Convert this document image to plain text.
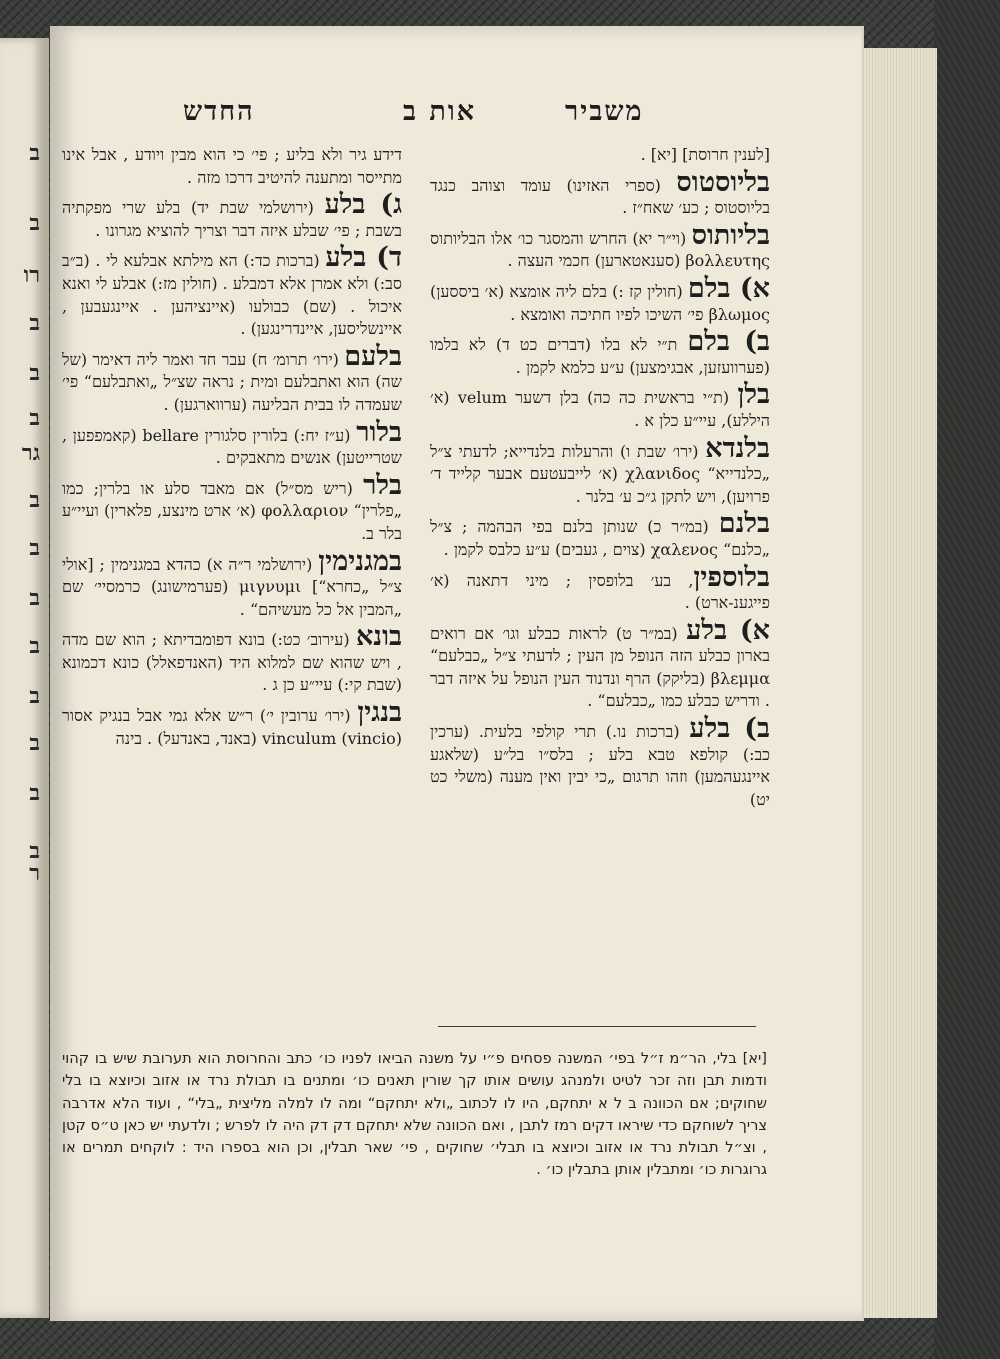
ב
ב
רו
ב
ב
ב
גר
ב
ב
ב
ב
ב
ב
ב
ב
ר
משביר
אות ב
החדש

[לענין חרוסת] [יא] .

בליוסטוס (ספרי האזינו) עומד וצוהב כנגד בליוסטוס ; כע׳ שאח״ז .

בליותוס (וי״ר יא) החרש והמסגר כו׳ אלו הבליותוס βολλευτης (סענאטארען) חכמי העצה .

א) בלם (חולין קז :) בלם ליה אומצא (א׳ ביססען) βλωμος פי׳ השיכו לפיו חתיכה ואומצא .

ב) בלם ת״י לא בלו (דברים כט ד) לא בלמו (פערוועזען, אבגימצען) ע״ע כלמא לקמן .

בלן (ת״י בראשית כה כה) בלן דשער velum (א׳ היללע), עיי״ע כלן א .

בלנדא (ירו׳ שבת ו) והרעלות בלנדייא; לדעתי צ״ל „כלנדייא“ χλανιδος (א׳ לייבעטעם אבער קלייד ד׳ פרויען), ויש לתקן ג״כ ע׳ בלנר .

בלנם (במ״ר כ) שנותן בלנם בפי הבהמה ; צ״ל „כלנם“ χαλενος (צוים , געבים) ע״ע כלבס לקמן .

בלוספין, בע׳ בלופסין ; מיני דתאנה (א׳ פייגענ-ארט) .

א) בלע (במ״ר ט) לראות כבלע וגו׳ אם רואים בארון כבלע הזה הנופל מן העין ; לדעתי צ״ל „כבלעם“ βλεμμα (בליקק) הרף ונדנוד העין הנופל על איזה דבר . ודריש כבלע כמו „כבלעם“ .

ב) בלע (ברכות נו.) תרי קולפי בלעית. (ערכין כב:) קולפא טבא בלע ; בלס״ו בל״ע (שלאגע איינגעהמען) וזהו תרגום „כי יבין ואין מענה (משלי כט יט)

דידע גיר ולא בליע ; פי׳ כי הוא מבין ויודע , אבל אינו מתייסר ומתענה להיטיב דרכו מזה .

ג) בלע (ירושלמי שבת יד) בלע שרי מפקתיה בשבת ; פי׳ שבלע איזה דבר וצריך להוציא מגרונו .

ד) בלע (ברכות כד:) הא מילתא אבלעא לי . (ב״ב סב:) ולא אמרן אלא דמבלע . (חולין מז:) אבלע לי ואנא איכול . (שם) כבולעו (איינציהען . איינגעבען , איינשליסען, איינדרינגען) .

בלעם (ירו׳ תרומ׳ ח) עבר חד ואמר ליה דאימר (של שה) הוא ואתבלעם ומית ; נראה שצ״ל „ואתבלעם“ פי׳ שעמדה לו בבית הבליעה (ערווארגען) .

בלור (ע״ז יח:) בלורין סלגורין bellare (קאמפפען , שטרייטען) אנשים מתאבקים .

בלר (ריש מס״ל) אם מאבד סלע או בלרין; כמו „פלרין“ φολλαριον (א׳ ארט מינצע, פלארין) ועיי״ע בלר ב.

במגנימין (ירושלמי ר״ה א) כהדא במגנימין ; [אולי צ״ל „כחרא“] μιγνυμι (פערמישונג) כרמסיי׳ שם „המבין אל כל מעשיהם“ .

בונא (עירוב׳ כט:) בונא דפומבדיתא ; הוא שם מדה , ויש שהוא שם למלוא היד (האנדפאלל) כונא דכמונא (שבת קי:) עיי״ע כן ג .

בנגין (ירו׳ ערובין י׳) ר״ש אלא גמי אבל בנגיק אסור vinculum (vincio) (באנד, באנדעל) . בינה

[יא] בלי, הר״מ ז״ל בפי׳ המשנה פסחים פ״י על משנה הביאו לפניו כו׳ כתב והחרוסת הוא תערובת שיש בו קהוי ודמות תבן וזה זכר לטיט ולמנהג עושים אותו קך שורין תאנים כו׳ ומתנים בו תבולת נרד או אזוב וכיוצא בו בלי שחוקים; אם הכוונה ב ל א יתחקם, היו לו לכתוב „ולא יתחקם“ ומה לו למלה מליצית „בלי“ , ועוד הלא אדרבה צריך לשוחקם כדי שיראו דקים רמז לתבן , ואם הכוונה שלא יתחקם דק דק היה לו לפרש ; ולדעתי יש כאן ט״ס קטן , וצ״ל תבולת נרד או אזוב וכיוצא בו תבלי׳ שחוקים , פי׳ שאר תבלין, וכן הוא בספרו היד : לוקחים תמרים או גרוגרות כו׳ ומתבלין אותן בתבלין כו׳ .
